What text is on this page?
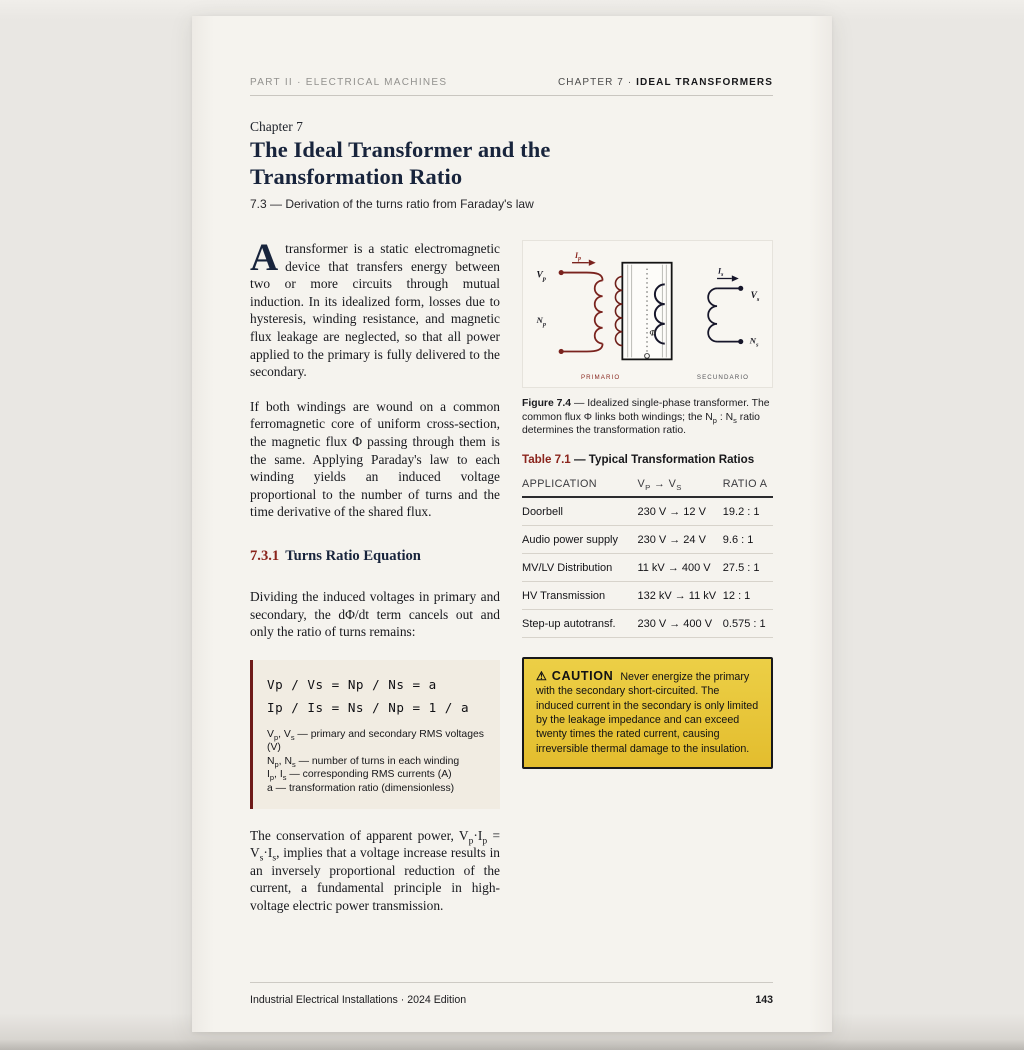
PART II · ELECTRICAL MACHINES	CHAPTER 7 · IDEAL TRANSFORMERS
Chapter 7
The Ideal Transformer and the
Transformation Ratio
7.3 — Derivation of the turns ratio from Faraday's law

Atransformer is a static electromagnetic device that transfers energy between two or more circuits through mutual induction. In its idealized form, losses due to hysteresis, winding resistance, and magnetic flux leakage are neglected, so that all power applied to the primary is fully delivered to the secondary.

If both windings are wound on a common ferromagnetic core of uniform cross-section, the magnetic flux Φ passing through them is the same. Applying Paraday's law to each winding yields an induced voltage proportional to the number of turns and the time derivative of the shared flux.

7.3.1 Turns Ratio Equation

Dividing the induced voltages in primary and secondary, the dΦ/dt term cancels out and only the ratio of turns remains:

Vp / Vs = Np / Ns = a
Ip / Is = Ns / Np = 1 / a
$V_p$, $V_s$ — primary and secondary RMS voltages (V)
$N_p$, $N_s$ — number of turns in each winding
$I_p$, $I_s$ — corresponding RMS currents (A)
a — transformation ratio (dimensionless)

The conservation of apparent power, $V_p\cdot I_p = V_s\cdot I_s$, implies that a voltage increase results in an inversely proportional reduction of the current, a fundamental principle in high-voltage electric power transmission.

$I_p$
$V_p$
$N_p$
Φ
$I_s$
$V_s$
$N_s$
PRIMARIO	SECUNDARIO
Figure 7.4 — Idealized single-phase transformer. The common flux Φ links both windings; the $N_p$ : $N_s$ ratio determines the transformation ratio.
Table 7.1 — Typical Transformation Ratios
APPLICATION	$V_P \to V_S$	RATIO A
Doorbell	230 V → 12 V	19.2 : 1
Audio power supply	230 V → 24 V	9.6 : 1
MV/LV Distribution	11 kV → 400 V	27.5 : 1
HV Transmission	132 kV → 11 kV	12 : 1
Step-up autotransf.	230 V → 400 V	0.575 : 1
⚠ CAUTION Never energize the primary with the secondary short-circuited. The induced current in the secondary is only limited by the leakage impedance and can exceed twenty times the rated current, causing irreversible thermal damage to the insulation.
Industrial Electrical Installations · 2024 Edition	143
